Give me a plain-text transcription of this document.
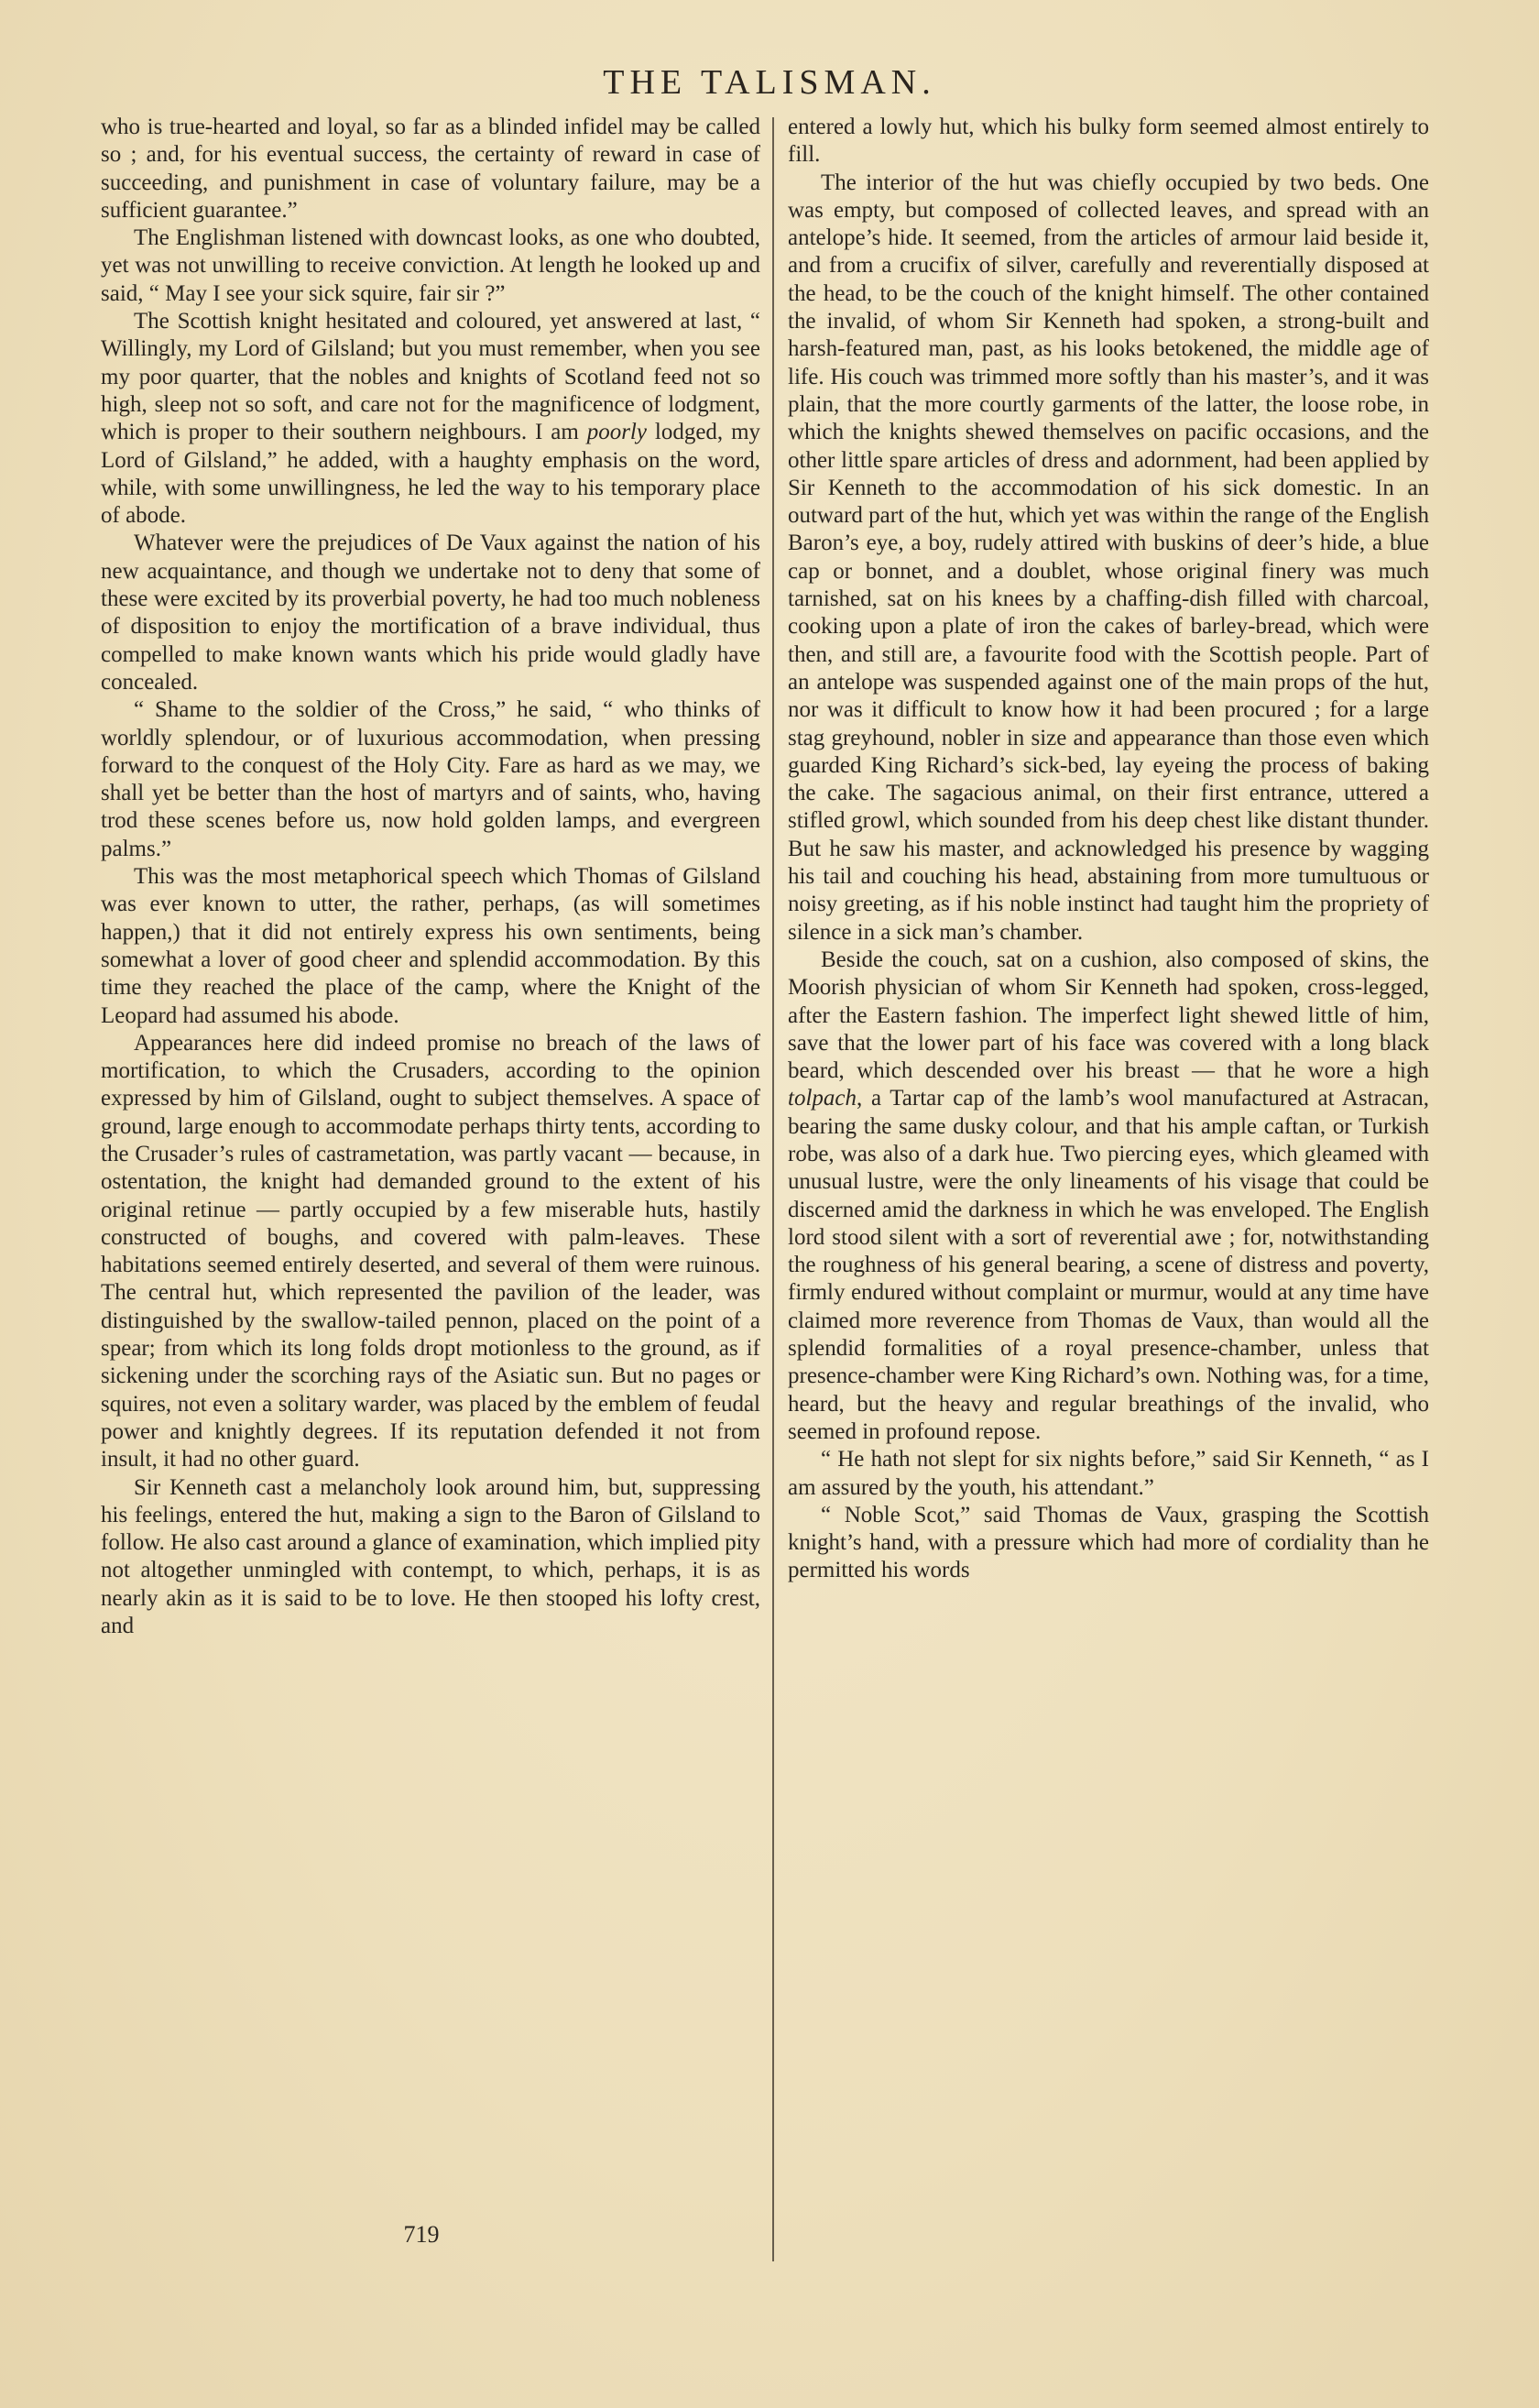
THE TALISMAN.

who is true-hearted and loyal, so far as a blinded infidel may be called so ; and, for his eventual success, the certainty of reward in case of succeeding, and punishment in case of voluntary failure, may be a sufficient guarantee.”

The Englishman listened with downcast looks, as one who doubted, yet was not unwilling to receive conviction. At length he looked up and said, “ May I see your sick squire, fair sir ?”

The Scottish knight hesitated and coloured, yet answered at last, “ Willingly, my Lord of Gilsland; but you must remember, when you see my poor quarter, that the nobles and knights of Scotland feed not so high, sleep not so soft, and care not for the magnificence of lodgment, which is proper to their southern neighbours. I am poorly lodged, my Lord of Gilsland,” he added, with a haughty emphasis on the word, while, with some unwillingness, he led the way to his temporary place of abode.

Whatever were the prejudices of De Vaux against the nation of his new acquaintance, and though we undertake not to deny that some of these were excited by its proverbial poverty, he had too much nobleness of disposition to enjoy the mortification of a brave individual, thus compelled to make known wants which his pride would gladly have concealed.

“ Shame to the soldier of the Cross,” he said, “ who thinks of worldly splendour, or of luxurious accommodation, when pressing forward to the conquest of the Holy City. Fare as hard as we may, we shall yet be better than the host of martyrs and of saints, who, having trod these scenes before us, now hold golden lamps, and evergreen palms.”

This was the most metaphorical speech which Thomas of Gilsland was ever known to utter, the rather, perhaps, (as will sometimes happen,) that it did not entirely express his own sentiments, being somewhat a lover of good cheer and splendid accommodation. By this time they reached the place of the camp, where the Knight of the Leopard had assumed his abode.

Appearances here did indeed promise no breach of the laws of mortification, to which the Crusaders, according to the opinion expressed by him of Gilsland, ought to subject themselves. A space of ground, large enough to accommodate perhaps thirty tents, according to the Crusader’s rules of castrametation, was partly vacant — because, in ostentation, the knight had demanded ground to the extent of his original retinue — partly occupied by a few miserable huts, hastily constructed of boughs, and covered with palm-leaves. These habitations seemed entirely deserted, and several of them were ruinous. The central hut, which represented the pavilion of the leader, was distinguished by the swallow-tailed pennon, placed on the point of a spear; from which its long folds dropt motionless to the ground, as if sickening under the scorching rays of the Asiatic sun. But no pages or squires, not even a solitary warder, was placed by the emblem of feudal power and knightly degrees. If its reputation defended it not from insult, it had no other guard.

Sir Kenneth cast a melancholy look around him, but, suppressing his feelings, entered the hut, making a sign to the Baron of Gilsland to follow. He also cast around a glance of examination, which implied pity not altogether unmingled with contempt, to which, perhaps, it is as nearly akin as it is said to be to love. He then stooped his lofty crest, and

entered a lowly hut, which his bulky form seemed almost entirely to fill.

The interior of the hut was chiefly occupied by two beds. One was empty, but composed of collected leaves, and spread with an antelope’s hide. It seemed, from the articles of armour laid beside it, and from a crucifix of silver, carefully and reverentially disposed at the head, to be the couch of the knight himself. The other contained the invalid, of whom Sir Kenneth had spoken, a strong-built and harsh-featured man, past, as his looks betokened, the middle age of life. His couch was trimmed more softly than his master’s, and it was plain, that the more courtly garments of the latter, the loose robe, in which the knights shewed themselves on pacific occasions, and the other little spare articles of dress and adornment, had been applied by Sir Kenneth to the accommodation of his sick domestic. In an outward part of the hut, which yet was within the range of the English Baron’s eye, a boy, rudely attired with buskins of deer’s hide, a blue cap or bonnet, and a doublet, whose original finery was much tarnished, sat on his knees by a chaffing-dish filled with charcoal, cooking upon a plate of iron the cakes of barley-bread, which were then, and still are, a favourite food with the Scottish people. Part of an antelope was suspended against one of the main props of the hut, nor was it difficult to know how it had been procured ; for a large stag greyhound, nobler in size and appearance than those even which guarded King Richard’s sick-bed, lay eyeing the process of baking the cake. The sagacious animal, on their first entrance, uttered a stifled growl, which sounded from his deep chest like distant thunder. But he saw his master, and acknowledged his presence by wagging his tail and couching his head, abstaining from more tumultuous or noisy greeting, as if his noble instinct had taught him the propriety of silence in a sick man’s chamber.

Beside the couch, sat on a cushion, also composed of skins, the Moorish physician of whom Sir Kenneth had spoken, cross-legged, after the Eastern fashion. The imperfect light shewed little of him, save that the lower part of his face was covered with a long black beard, which descended over his breast — that he wore a high tolpach, a Tartar cap of the lamb’s wool manufactured at Astracan, bearing the same dusky colour, and that his ample caftan, or Turkish robe, was also of a dark hue. Two piercing eyes, which gleamed with unusual lustre, were the only lineaments of his visage that could be discerned amid the darkness in which he was enveloped. The English lord stood silent with a sort of reverential awe ; for, notwithstanding the roughness of his general bearing, a scene of distress and poverty, firmly endured without complaint or murmur, would at any time have claimed more reverence from Thomas de Vaux, than would all the splendid formalities of a royal presence-chamber, unless that presence-chamber were King Richard’s own. Nothing was, for a time, heard, but the heavy and regular breathings of the invalid, who seemed in profound repose.

“ He hath not slept for six nights before,” said Sir Kenneth, “ as I am assured by the youth, his attendant.”

“ Noble Scot,” said Thomas de Vaux, grasping the Scottish knight’s hand, with a pressure which had more of cordiality than he permitted his words

719
